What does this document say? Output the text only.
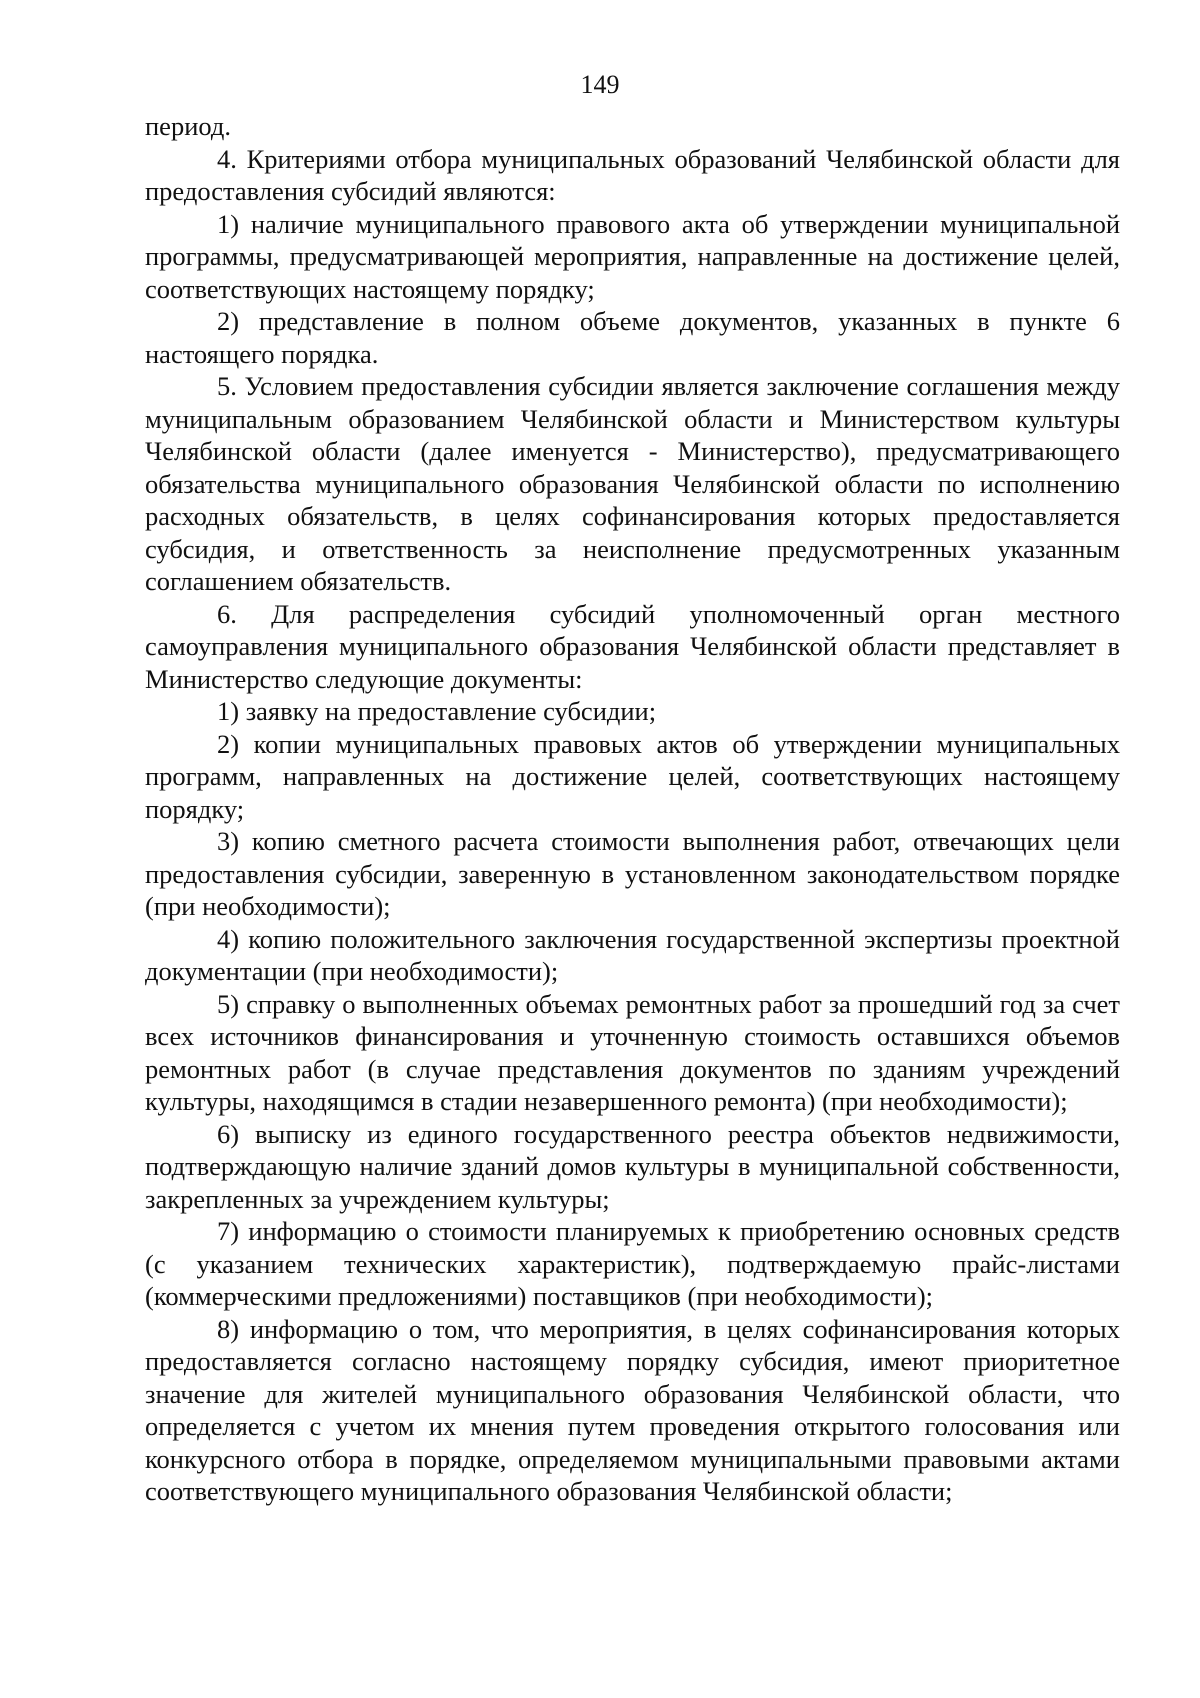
149

период.

4. Критериями отбора муниципальных образований Челябинской области для предоставления субсидий являются:

1) наличие муниципального правового акта об утверждении муниципальной программы, предусматривающей мероприятия, направленные на достижение целей, соответствующих настоящему порядку;

2) представление в полном объеме документов, указанных в пункте 6 настоящего порядка.

5. Условием предоставления субсидии является заключение соглашения между муниципальным образованием Челябинской области и Министерством культуры Челябинской области (далее именуется - Министерство), предусматривающего обязательства муниципального образования Челябинской области по исполнению расходных обязательств, в целях софинансирования которых предоставляется субсидия, и ответственность за неисполнение предусмотренных указанным соглашением обязательств.

6. Для распределения субсидий уполномоченный орган местного самоуправления муниципального образования Челябинской области представляет в Министерство следующие документы:

1) заявку на предоставление субсидии;

2) копии муниципальных правовых актов об утверждении муниципальных программ, направленных на достижение целей, соответствующих настоящему порядку;

3) копию сметного расчета стоимости выполнения работ, отвечающих цели предоставления субсидии, заверенную в установленном законодательством порядке (при необходимости);

4) копию положительного заключения государственной экспертизы проектной документации (при необходимости);

5) справку о выполненных объемах ремонтных работ за прошедший год за счет всех источников финансирования и уточненную стоимость оставшихся объемов ремонтных работ (в случае представления документов по зданиям учреждений культуры, находящимся в стадии незавершенного ремонта) (при необходимости);

6) выписку из единого государственного реестра объектов недвижимости, подтверждающую наличие зданий домов культуры в муниципальной собственности, закрепленных за учреждением культуры;

7) информацию о стоимости планируемых к приобретению основных средств (с указанием технических характеристик), подтверждаемую прайс-листами (коммерческими предложениями) поставщиков (при необходимости);

8) информацию о том, что мероприятия, в целях софинансирования которых предоставляется согласно настоящему порядку субсидия, имеют приоритетное значение для жителей муниципального образования Челябинской области, что определяется с учетом их мнения путем проведения открытого голосования или конкурсного отбора в порядке, определяемом муниципальными правовыми актами соответствующего муниципального образования Челябинской области;
